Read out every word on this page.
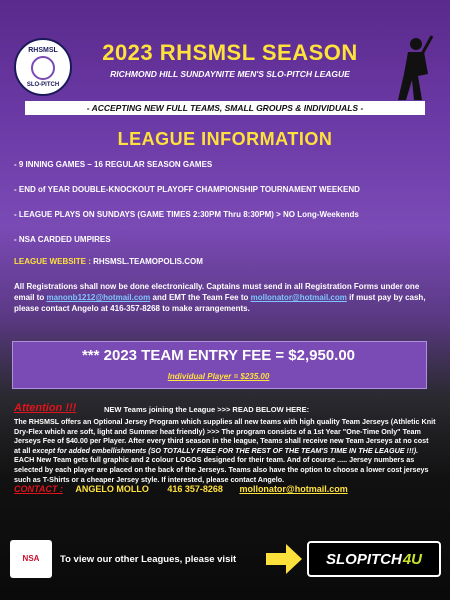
RHSMSL
SLO-PITCH
2023 RHSMSL SEASON
RICHMOND HILL SUNDAYNITE MEN'S SLO-PITCH LEAGUE
- ACCEPTING NEW FULL TEAMS, SMALL GROUPS & INDIVIDUALS -
LEAGUE INFORMATION
- 9 INNING GAMES – 16 REGULAR SEASON GAMES
- END of YEAR DOUBLE-KNOCKOUT PLAYOFF CHAMPIONSHIP TOURNAMENT WEEKEND
- LEAGUE PLAYS ON SUNDAYS (GAME TIMES 2:30PM Thru 8:30PM) > NO Long-Weekends
- NSA CARDED UMPIRES
LEAGUE WEBSITE : RHSMSL.TEAMOPOLIS.COM
All Registrations shall now be done electronically. Captains must send in all Registration Forms under one email to manonb1212@hotmail.com and EMT the Team Fee to mollonator@hotmail.com if must pay by cash, please contact Angelo at 416-357-8268 to make arrangements.
*** 2023 TEAM ENTRY FEE = $2,950.00
Individual Player = $235.00
Attention !!!	NEW Teams joining the League >>> READ BELOW HERE:
The RHSMSL offers an Optional Jersey Program which supplies all new teams with high quality Team Jerseys (Athletic Knit Dry-Flex which are soft, light and Summer heat friendly) >>> The program consists of a 1st Year "One-Time Only" Team Jerseys Fee of $40.00 per Player. After every third season in the league, Teams shall receive new Team Jerseys at no cost at all except for added embellishments (SO TOTALLY FREE FOR THE REST OF THE TEAM'S TIME IN THE LEAGUE !!!). EACH New Team gets full graphic and 2 colour LOGOS designed for their team. And of course ..... Jersey numbers as selected by each player are placed on the back of the Jerseys. Teams also have the option to choose a lower cost jerseys such as T-Shirts or a cheaper Jersey style. If interested, please contact Angelo.
CONTACT : ANGELO MOLLO 416 357-8268 mollonator@hotmail.com
NSA	To view our other Leagues, please visit	SLOPITCH 4U
